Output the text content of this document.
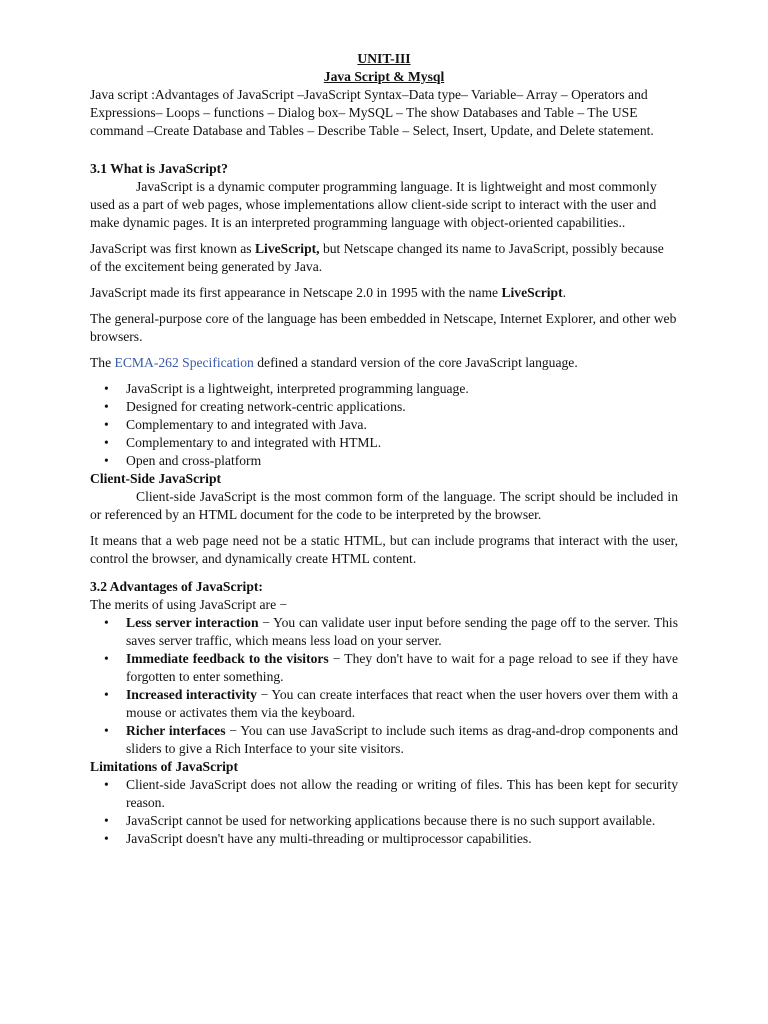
UNIT-III

Java Script & Mysql

Java script :Advantages of JavaScript –JavaScript Syntax–Data type– Variable– Array – Operators and Expressions– Loops – functions – Dialog box– MySQL – The show Databases and Table – The USE command –Create Database and Tables – Describe Table – Select, Insert, Update, and Delete statement.

3.1 What is JavaScript?

JavaScript is a dynamic computer programming language. It is lightweight and most commonly used as a part of web pages, whose implementations allow client-side script to interact with the user and make dynamic pages. It is an interpreted programming language with object-oriented capabilities..

JavaScript was first known as LiveScript, but Netscape changed its name to JavaScript, possibly because of the excitement being generated by Java.

JavaScript made its first appearance in Netscape 2.0 in 1995 with the name LiveScript.

The general-purpose core of the language has been embedded in Netscape, Internet Explorer, and other web browsers.

The ECMA-262 Specification defined a standard version of the core JavaScript language.

• JavaScript is a lightweight, interpreted programming language.
• Designed for creating network-centric applications.
• Complementary to and integrated with Java.
• Complementary to and integrated with HTML.
• Open and cross-platform
Client-Side JavaScript

Client-side JavaScript is the most common form of the language. The script should be included in or referenced by an HTML document for the code to be interpreted by the browser.

It means that a web page need not be a static HTML, but can include programs that interact with the user, control the browser, and dynamically create HTML content.

3.2 Advantages of JavaScript:

The merits of using JavaScript are −

• Less server interaction − You can validate user input before sending the page off to the server. This saves server traffic, which means less load on your server.
• Immediate feedback to the visitors − They don't have to wait for a page reload to see if they have forgotten to enter something.
• Increased interactivity − You can create interfaces that react when the user hovers over them with a mouse or activates them via the keyboard.
• Richer interfaces − You can use JavaScript to include such items as drag-and-drop components and sliders to give a Rich Interface to your site visitors.
Limitations of JavaScript
• Client-side JavaScript does not allow the reading or writing of files. This has been kept for security reason.
• JavaScript cannot be used for networking applications because there is no such support available.
• JavaScript doesn't have any multi-threading or multiprocessor capabilities.
